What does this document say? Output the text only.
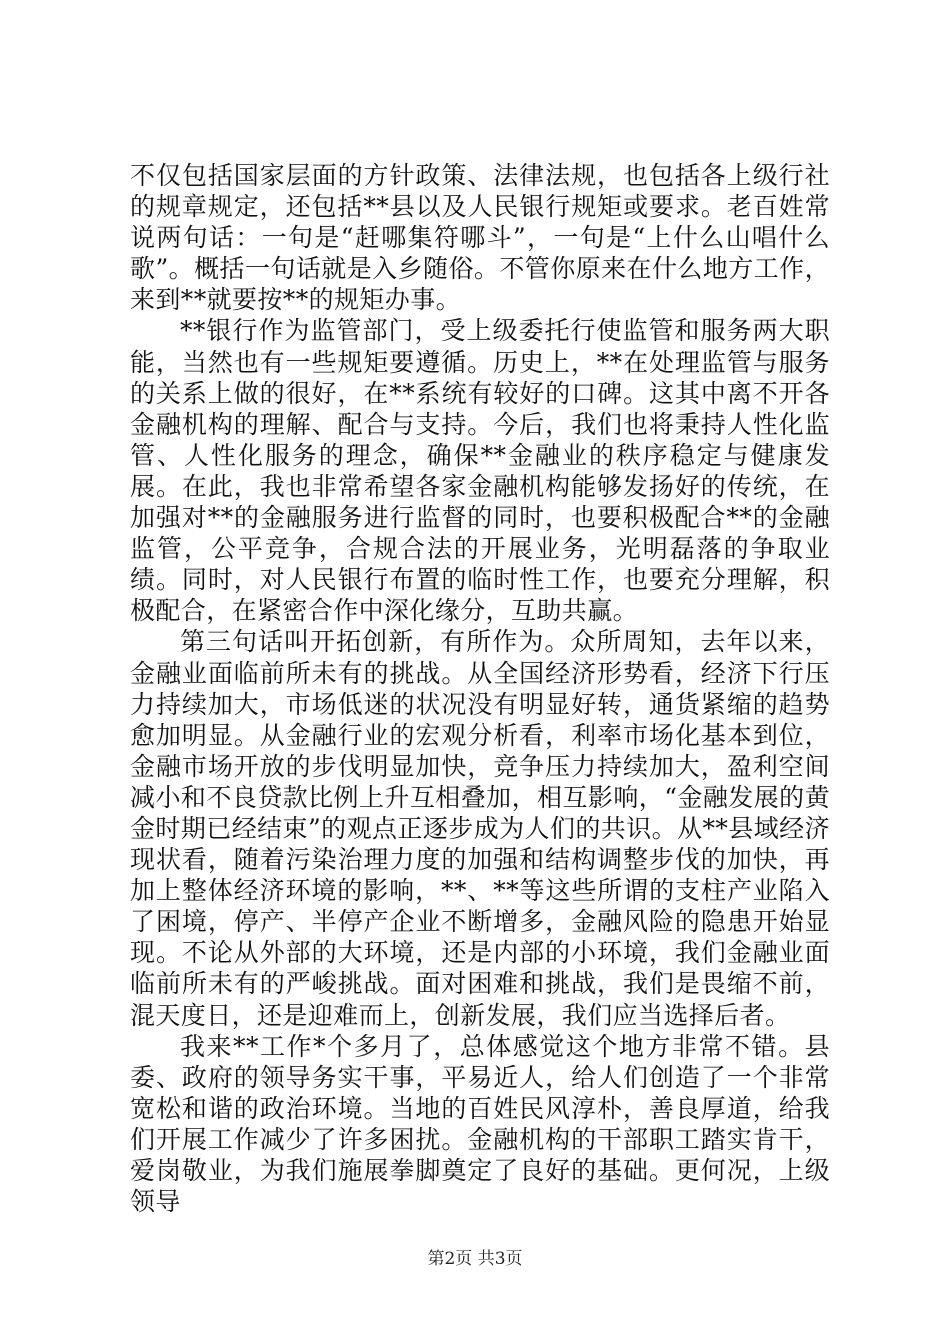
不仅包括国家层面的方针政策、法律法规，也包括各上级行社的规章规定，还包括**县以及人民银行规矩或要求。老百姓常说两句话：一句是“赶哪集符哪斗”，一句是“上什么山唱什么歌”。概括一句话就是入乡随俗。不管你原来在什么地方工作，来到**就要按**的规矩办事。

**银行作为监管部门，受上级委托行使监管和服务两大职能，当然也有一些规矩要遵循。历史上，**在处理监管与服务的关系上做的很好，在**系统有较好的口碑。这其中离不开各金融机构的理解、配合与支持。今后，我们也将秉持人性化监管、人性化服务的理念，确保**金融业的秩序稳定与健康发展。在此，我也非常希望各家金融机构能够发扬好的传统，在加强对**的金融服务进行监督的同时，也要积极配合**的金融监管，公平竞争，合规合法的开展业务，光明磊落的争取业绩。同时，对人民银行布置的临时性工作，也要充分理解，积极配合，在紧密合作中深化缘分，互助共赢。

第三句话叫开拓创新，有所作为。众所周知，去年以来，金融业面临前所未有的挑战。从全国经济形势看，经济下行压力持续加大，市场低迷的状况没有明显好转，通货紧缩的趋势愈加明显。从金融行业的宏观分析看，利率市场化基本到位，金融市场开放的步伐明显加快，竞争压力持续加大，盈利空间减小和不良贷款比例上升互相叠加，相互影响，“金融发展的黄金时期已经结束”的观点正逐步成为人们的共识。从**县域经济现状看，随着污染治理力度的加强和结构调整步伐的加快，再加上整体经济环境的影响，**、**等这些所谓的支柱产业陷入了困境，停产、半停产企业不断增多，金融风险的隐患开始显现。不论从外部的大环境，还是内部的小环境，我们金融业面临前所未有的严峻挑战。面对困难和挑战，我们是畏缩不前，混天度日，还是迎难而上，创新发展，我们应当选择后者。

我来**工作*个多月了，总体感觉这个地方非常不错。县委、政府的领导务实干事，平易近人，给人们创造了一个非常宽松和谐的政治环境。当地的百姓民风淳朴，善良厚道，给我们开展工作减少了许多困扰。金融机构的干部职工踏实肯干，爱岗敬业，为我们施展拳脚奠定了良好的基础。更何况，上级领导

第2页 共3页
